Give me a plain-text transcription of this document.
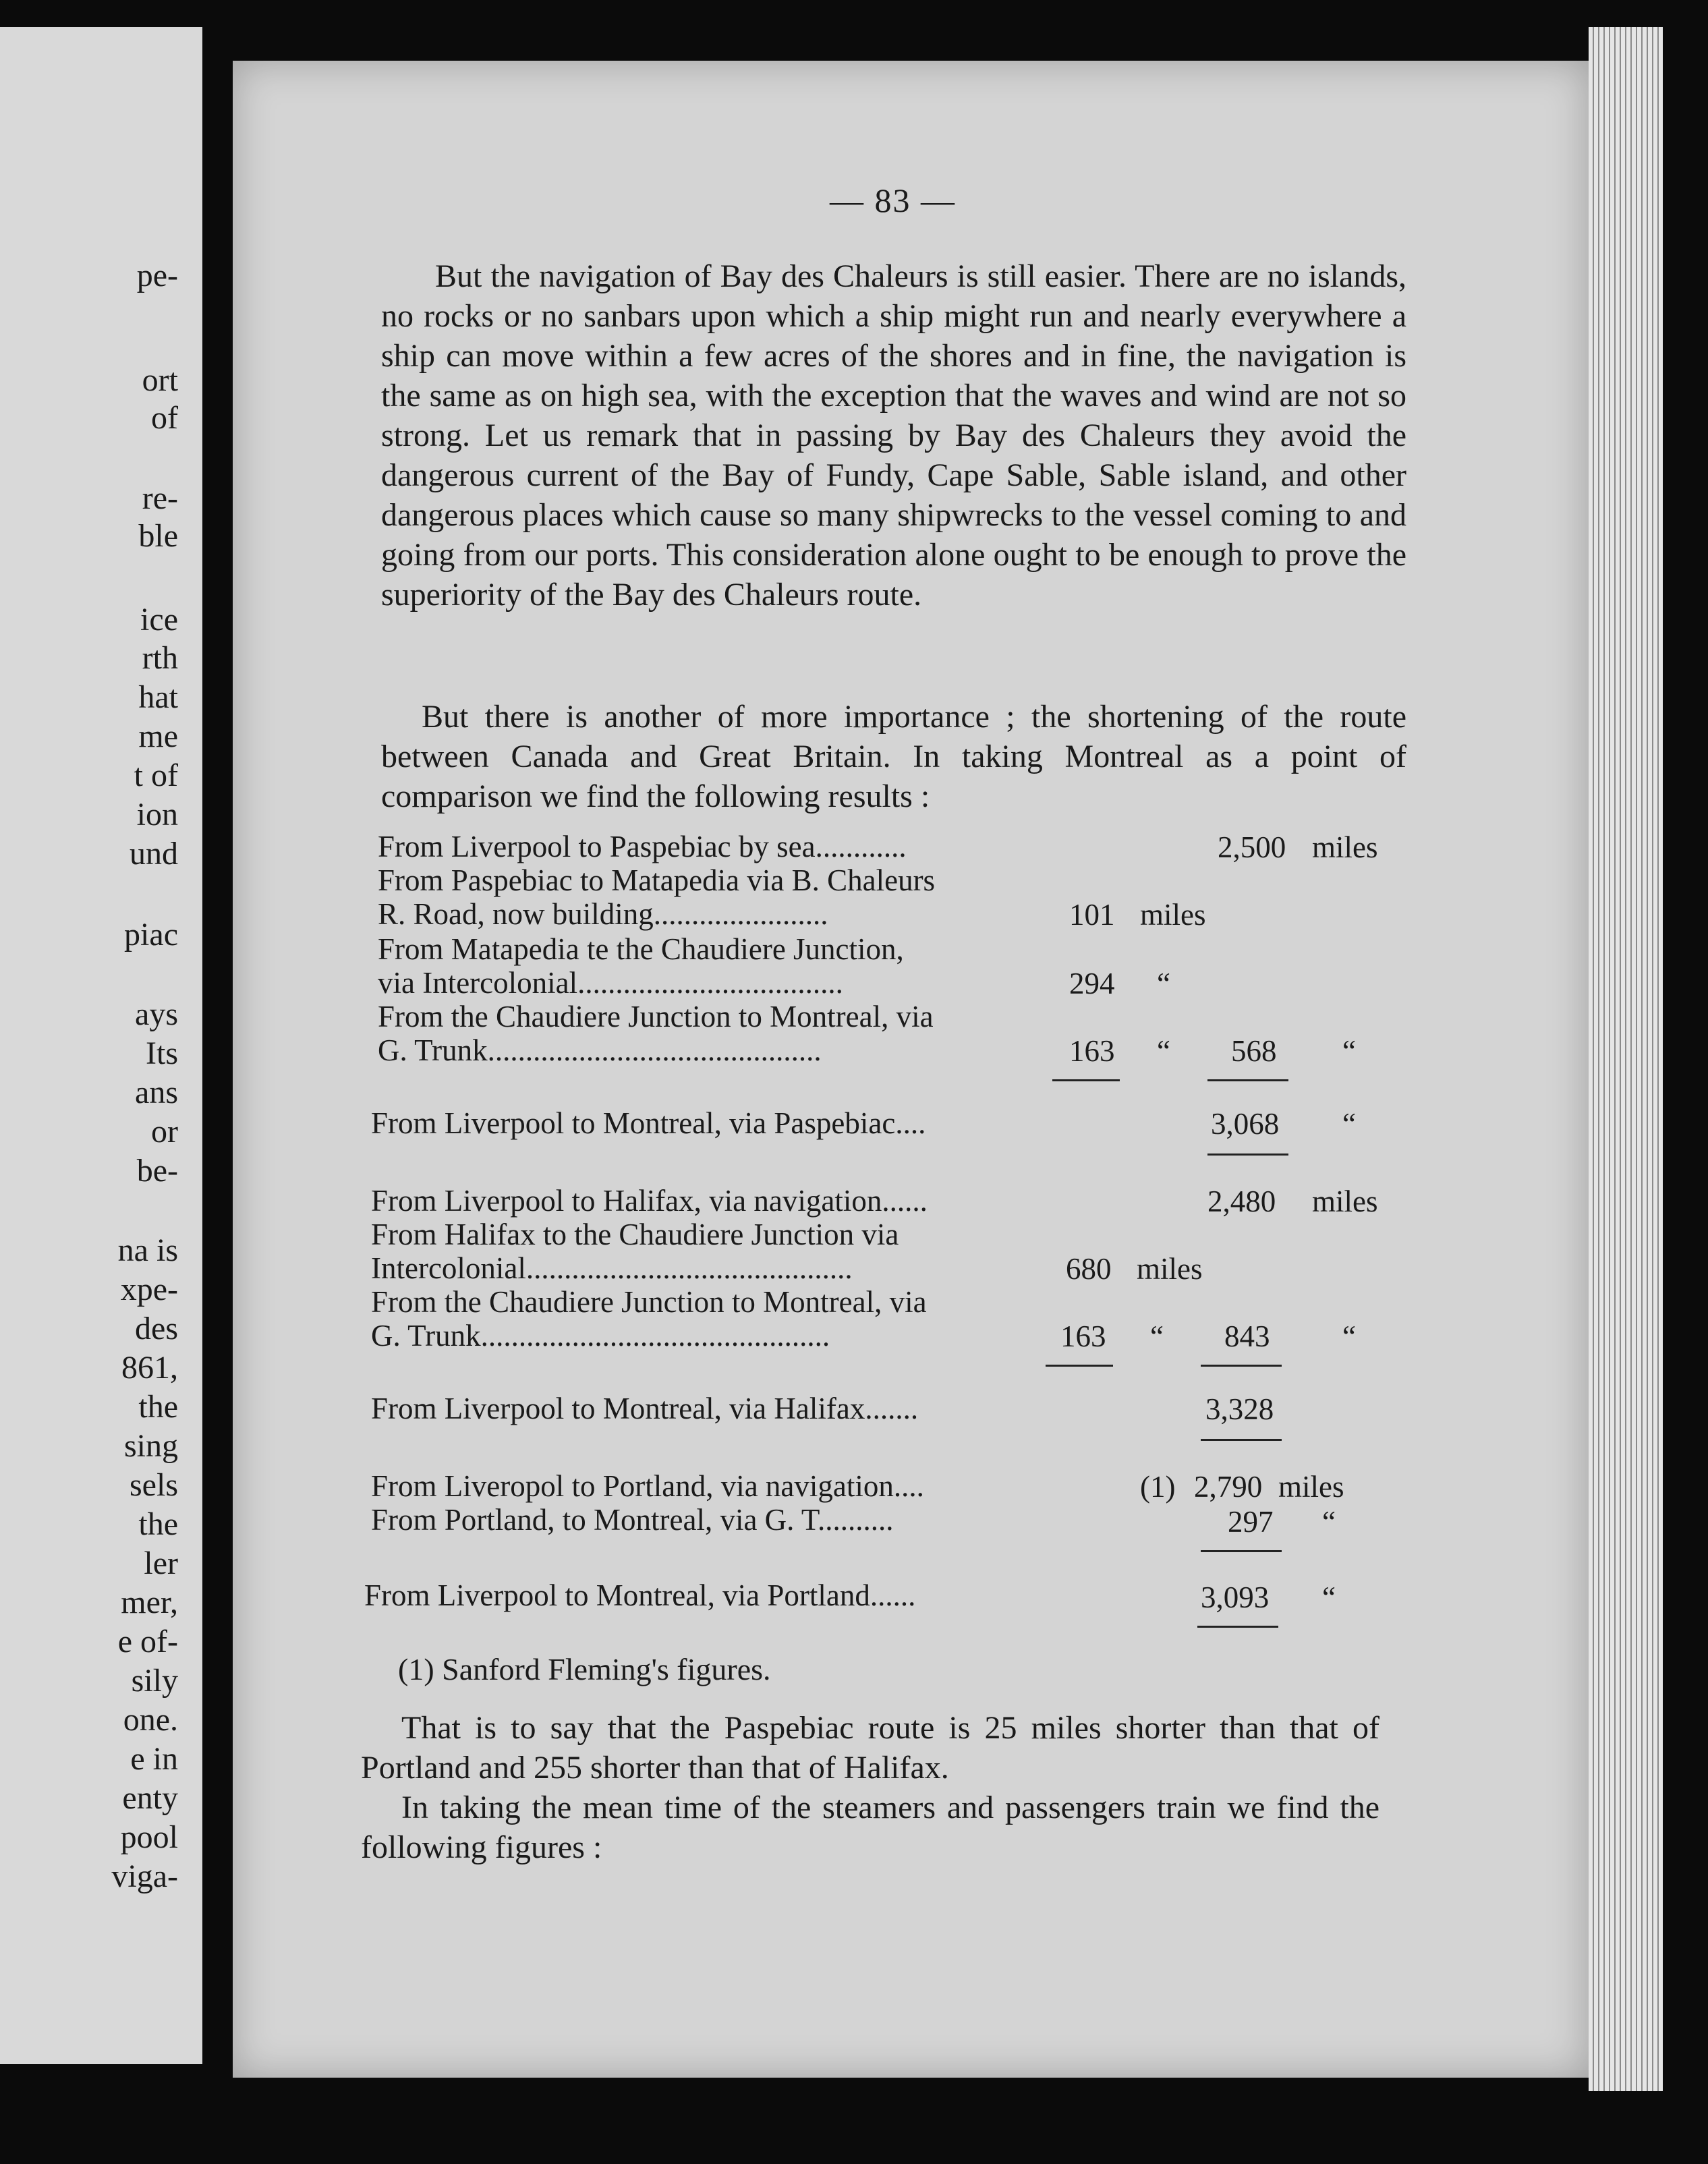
pe-
ort
of
re-
ble
ice
rth
hat
me
t of
ion
und
piac
ays
Its
ans
or
be-
na is
xpe-
des
861,
the
sing
sels
the
ler
mer,
e of-
sily
one.
e in
enty
pool
viga-
— 83 —

But the navigation of Bay des Chaleurs is still easier. There are no islands, no rocks or no sanbars upon which a ship might run and nearly everywhere a ship can move within a few acres of the shores and in fine, the navigation is the same as on high sea, with the exception that the waves and wind are not so strong. Let us remark that in passing by Bay des Chaleurs they avoid the dangerous current of the Bay of Fundy, Cape Sable, Sable island, and other dangerous places which cause so many shipwrecks to the vessel coming to and going from our ports. This consideration alone ought to be enough to prove the superiority of the Bay des Chaleurs route.

But there is another of more importance ; the shortening of the route between Canada and Great Britain. In taking Montreal as a point of comparison we find the following results :

From Liverpool to Paspebiac by sea............	2,500 miles
From Paspebiac to Matapedia via B. Chaleurs
R. Road, now building.......................	101 miles
From Matapedia te the Chaudiere Junction,
via Intercolonial...................................	294 “
From the Chaudiere Junction to Montreal, via
G. Trunk............................................	163 “ 568 “
From Liverpool to Montreal, via Paspebiac....	3,068 “
From Liverpool to Halifax, via navigation......	2,480 miles
From Halifax to the Chaudiere Junction via
Intercolonial...........................................	680 miles
From the Chaudiere Junction to Montreal, via
G. Trunk..............................................	163 “ 843 “
From Liverpool to Montreal, via Halifax.......	3,328
From Liveropol to Portland, via navigation....	(1) 2,790 miles
From Portland, to Montreal, via G. T..........	297 “
From Liverpool to Montreal, via Portland......	3,093 “
(1) Sanford Fleming's figures.

That is to say that the Paspebiac route is 25 miles shorter than that of Portland and 255 shorter than that of Halifax.

In taking the mean time of the steamers and passengers train we find the following figures :
